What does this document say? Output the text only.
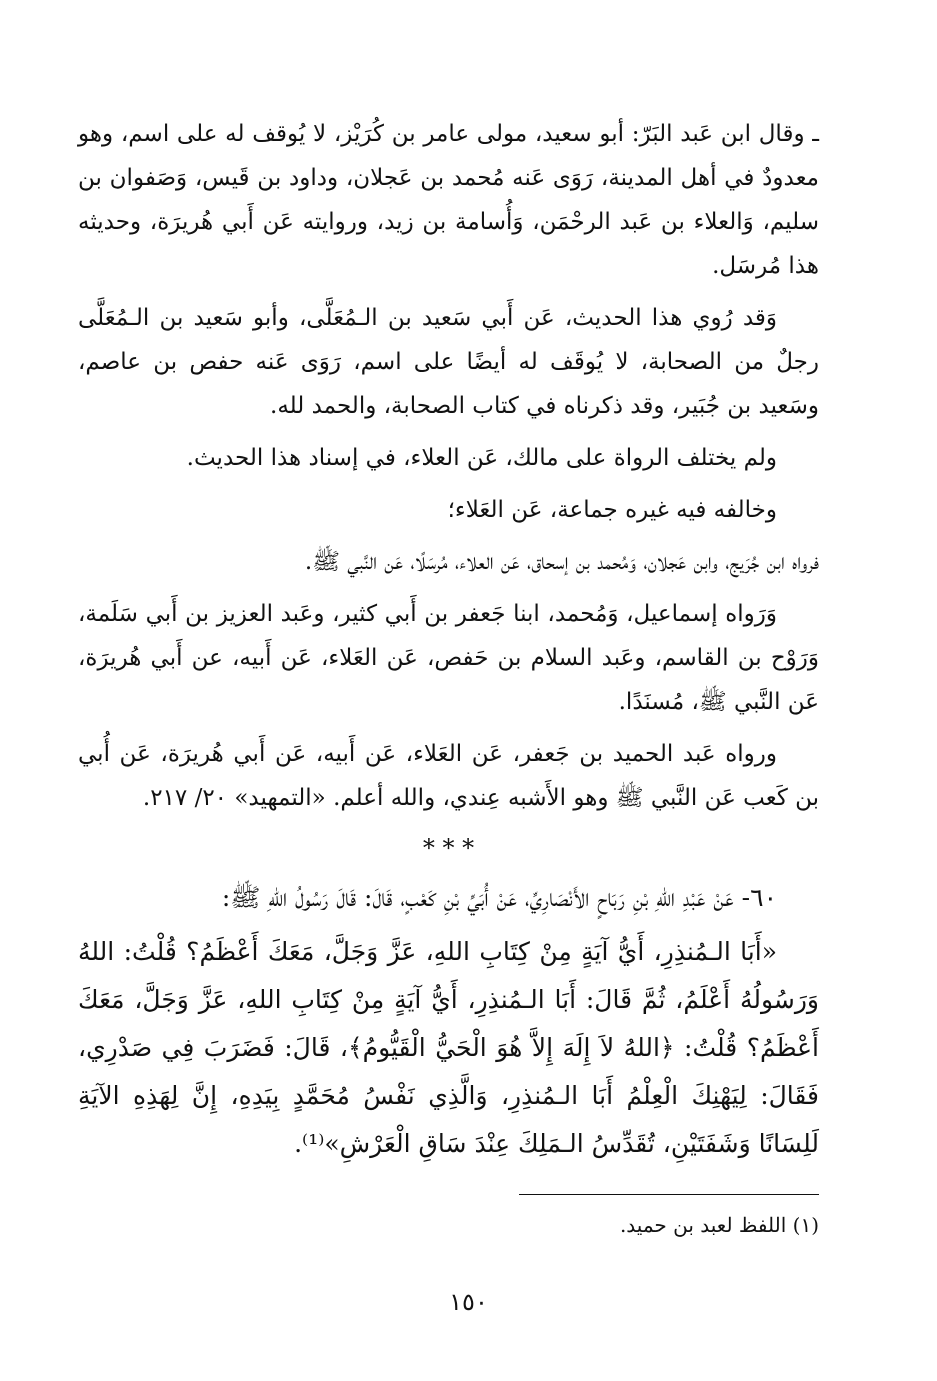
ـ وقال ابن عَبد البَرّ: أبو سعيد، مولى عامر بن كُرَيْز، لا يُوقف له على اسم، وهو معدودٌ في أهل المدينة، رَوَى عَنه مُحمد بن عَجلان، وداود بن قَيس، وَصَفوان بن سليم، وَالعلاء بن عَبد الرحْمَن، وَأُسامة بن زيد، وروايته عَن أَبي هُريرَة، وحديثه هذا مُرسَل.

وَقد رُوي هذا الحديث، عَن أَبي سَعيد بن الـمُعَلَّى، وأبو سَعيد بن الـمُعَلَّى رجلٌ من الصحابة، لا يُوقَف له أيضًا على اسم، رَوَى عَنه حفص بن عاصم، وسَعيد بن جُبَير، وقد ذكرناه في كتاب الصحابة، والحمد لله.

ولم يختلف الرواة على مالك، عَن العلاء، في إسناد هذا الحديث.

وخالفه فيه غيره جماعة، عَن العَلاء؛

فرواه ابن جُرَيج، وابن عَجلان، وَمُحمد بن إسحاق، عَن العلاء، مُرسَلًا، عَن النَّبي ﷺ.

وَرَواه إسماعيل، وَمُحمد، ابنا جَعفر بن أَبي كثير، وعَبد العزيز بن أَبي سَلَمة، وَرَوْح بن القاسم، وعَبد السلام بن حَفص، عَن العَلاء، عَن أَبيه، عن أَبي هُريرَة، عَن النَّبي ﷺ، مُسنَدًا.

ورواه عَبد الحميد بن جَعفر، عَن العَلاء، عَن أَبيه، عَن أَبي هُريرَة، عَن أُبي بن كَعب عَن النَّبي ﷺ وهو الأَشبه عِندي، والله أعلم. «التمهيد» ٢٠/ ٢١٧.

* * *

٦٠- عَنْ عَبْدِ اللهِ بْنِ رَبَاحٍ الأَنْصَارِيِّ، عَنْ أُبَيِّ بْنِ كَعْبٍ، قَالَ: قَالَ رَسُولُ اللهِ ﷺ:

«أَبَا الـمُنذِرِ، أَيُّ آيَةٍ مِنْ كِتَابِ اللهِ، عَزَّ وَجَلَّ، مَعَكَ أَعْظَمُ؟ قُلْتُ: اللهُ وَرَسُولُهُ أَعْلَمُ، ثُمَّ قَالَ: أَبَا الـمُنذِرِ، أَيُّ آيَةٍ مِنْ كِتَابِ اللهِ، عَزَّ وَجَلَّ، مَعَكَ أَعْظَمُ؟ قُلْتُ: ﴿اللهُ لاَ إِلَهَ إِلاَّ هُوَ الْحَيُّ الْقَيُّومُ﴾، قَالَ: فَضَرَبَ فِي صَدْرِي، فَقَالَ: لِيَهْنِكَ الْعِلْمُ أَبَا الـمُنذِرِ، وَالَّذِي نَفْسُ مُحَمَّدٍ بِيَدِهِ، إِنَّ لِهَذِهِ الآيَةِ لَلِسَانًا وَشَفَتَيْنِ، تُقَدِّسُ الـمَلِكَ عِنْدَ سَاقِ الْعَرْشِ»⁽¹⁾.

(١) اللفظ لعبد بن حميد.
١٥٠
